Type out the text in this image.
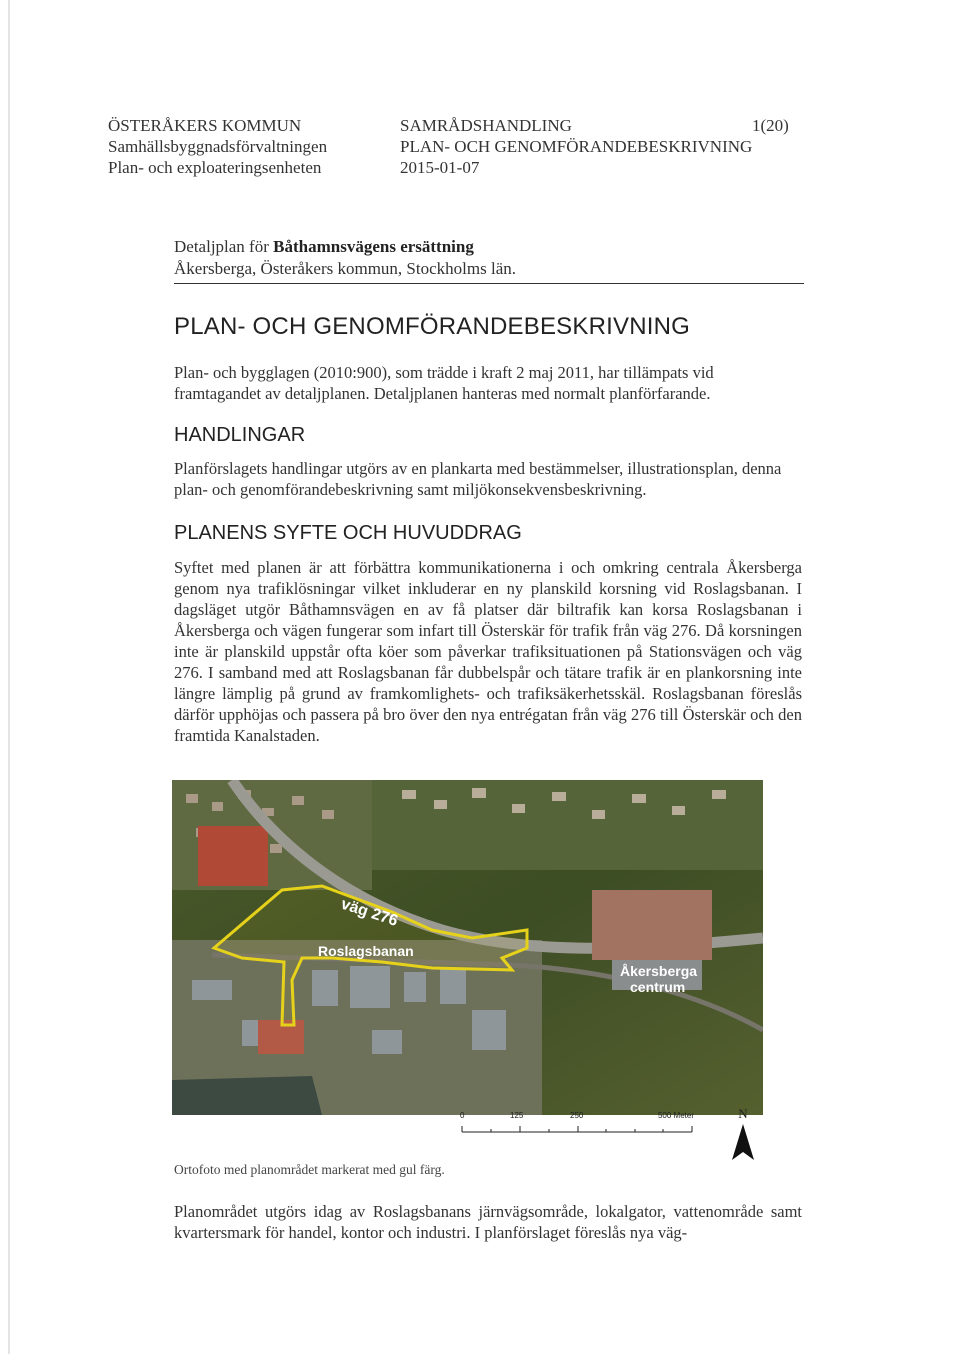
ÖSTERÅKERS KOMMUN
Samhällsbyggnadsförvaltningen
Plan- och exploateringsenheten
SAMRÅDSHANDLING
PLAN- OCH GENOMFÖRANDEBESKRIVNING
2015-01-07
1(20)
Detaljplan för Båthamnsvägens ersättning
Åkersberga, Österåkers kommun, Stockholms län.
PLAN- OCH GENOMFÖRANDEBESKRIVNING
Plan- och bygglagen (2010:900), som trädde i kraft 2 maj 2011, har tillämpats vid framtagandet av detaljplanen. Detaljplanen hanteras med normalt planförfarande.
HANDLINGAR
Planförslagets handlingar utgörs av en plankarta med bestämmelser, illustrationsplan, denna plan- och genomförandebeskrivning samt miljökonsekvensbeskrivning.
PLANENS SYFTE OCH HUVUDDRAG
Syftet med planen är att förbättra kommunikationerna i och omkring centrala Åkersberga genom nya trafiklösningar vilket inkluderar en ny planskild korsning vid Roslagsbanan. I dagsläget utgör Båthamnsvägen en av få platser där biltrafik kan korsa Roslagsbanan i Åkersberga och vägen fungerar som infart till Österskär för trafik från väg 276. Då korsningen inte är planskild uppstår ofta köer som påverkar trafiksituationen på Stationsvägen och väg 276. I samband med att Roslagsbanan får dubbelspår och tätare trafik är en plankorsning inte längre lämplig på grund av framkomlighets- och trafiksäkerhetsskäl. Roslagsbanan föreslås därför upphöjas och passera på bro över den nya entrégatan från väg 276 till Österskär och den framtida Kanalstaden.
väg 276
Roslagsbanan
Åkersberga
centrum
0	125	250	500 Meter	N
Ortofoto med planområdet markerat med gul färg.
Planområdet utgörs idag av Roslagsbanans järnvägsområde, lokalgator, vattenområde samt kvartersmark för handel, kontor och industri. I planförslaget föreslås nya väg-
